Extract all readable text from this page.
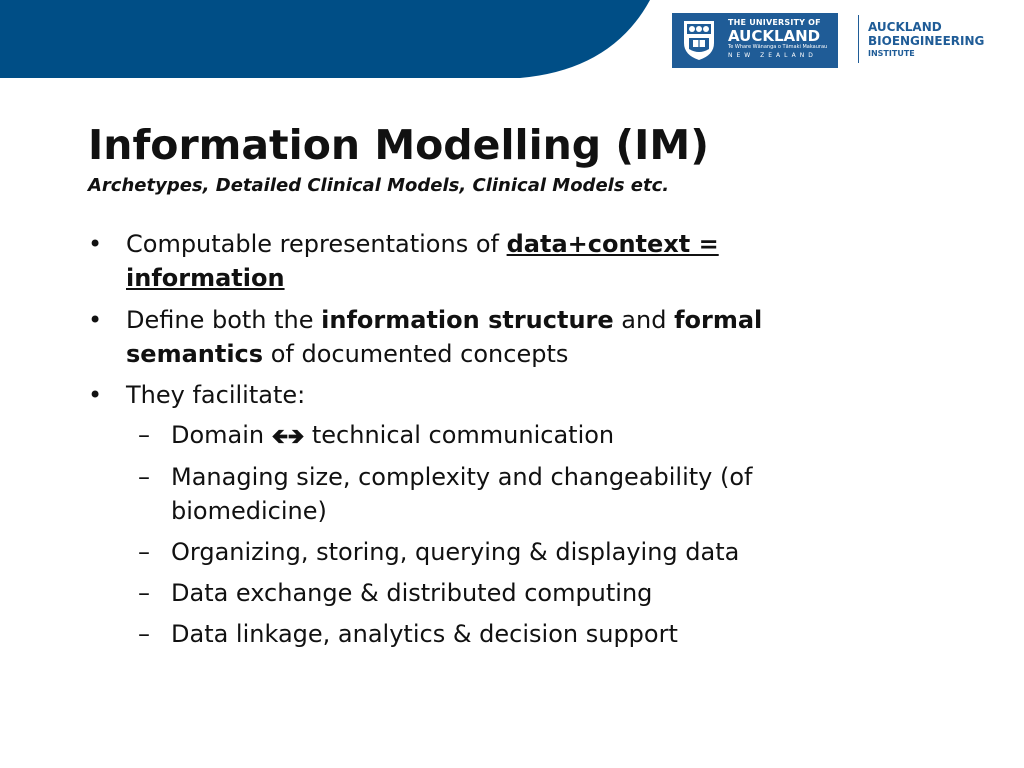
THE UNIVERSITY OF
AUCKLAND
Te Whare Wānanga o Tāmaki Makaurau
NEW ZEALAND
AUCKLAND
BIOENGINEERING
INSTITUTE
Information Modelling (IM)

Archetypes, Detailed Clinical Models, Clinical Models etc.

• Computable representations of data+context =
information
• Define both the information structure and formal
semantics of documented concepts
• They facilitate:
– Domain 🡸🡺 technical communication
– Managing size, complexity and changeability (of
biomedicine)
– Organizing, storing, querying & displaying data
– Data exchange & distributed computing
– Data linkage, analytics & decision support
